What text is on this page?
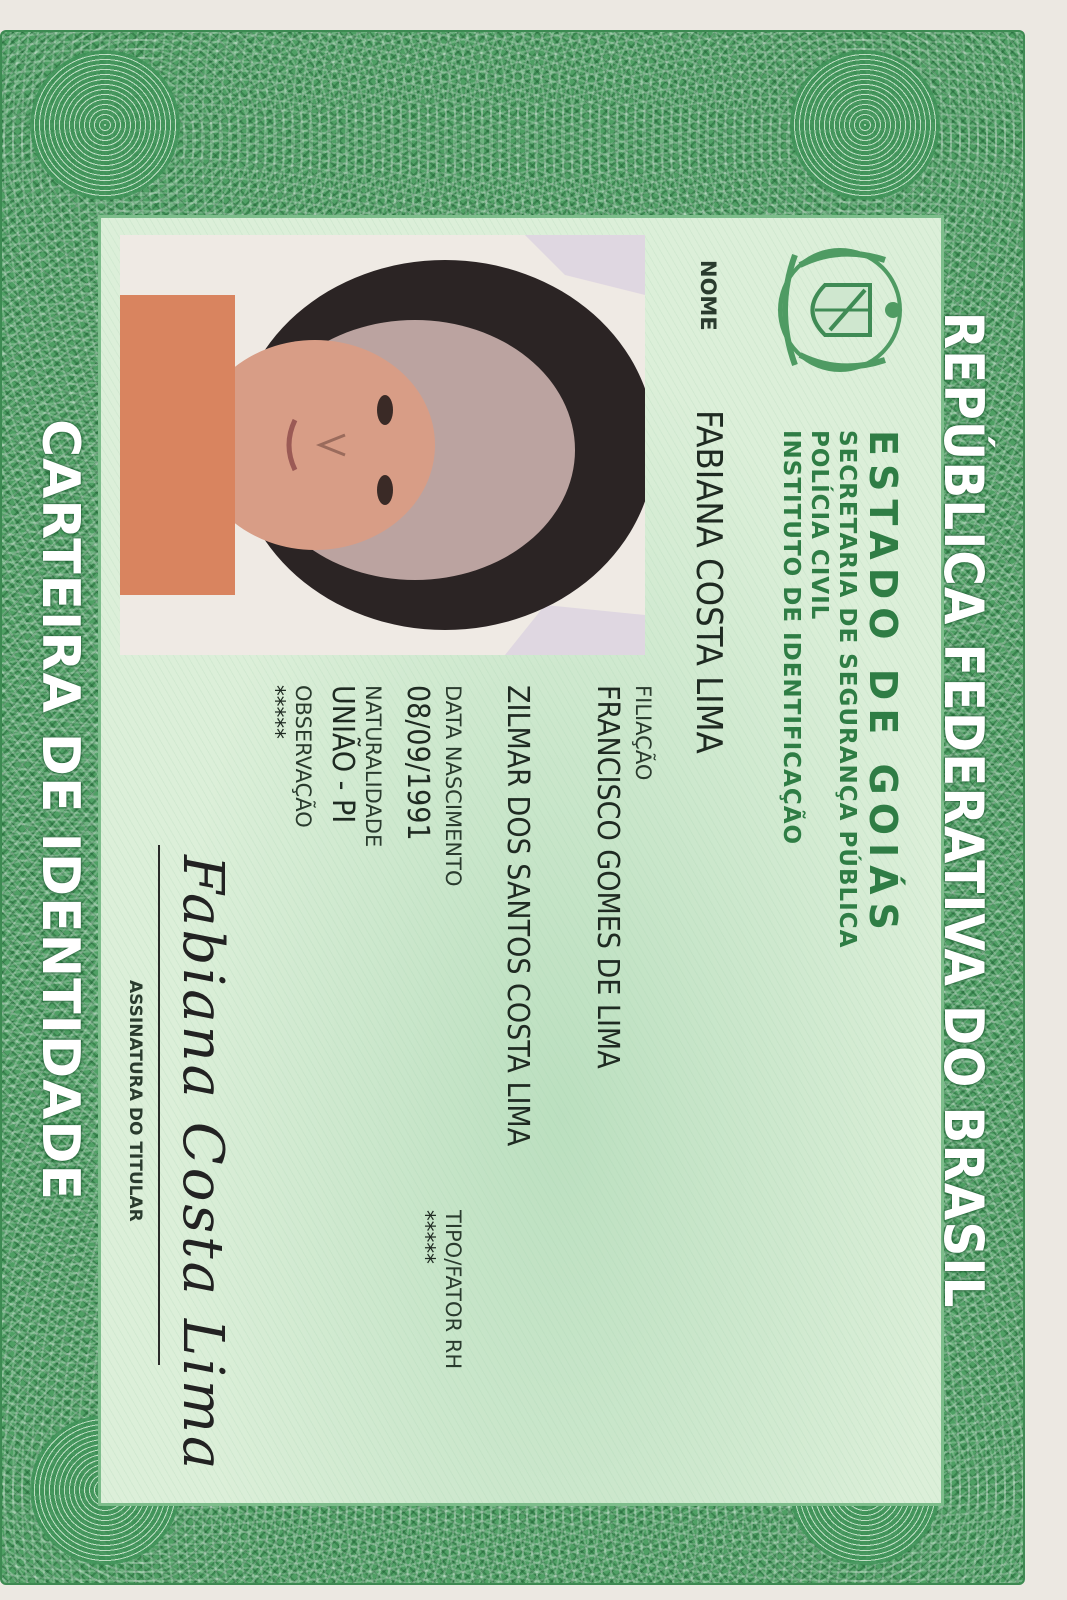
REPÚBLICA FEDERATIVA DO BRASIL
ESTADO DE GOIÁS
SECRETARIA DE SEGURANÇA PÚBLICA
POLÍCIA CIVIL
INSTITUTO DE IDENTIFICAÇÃO
NOME
FABIANA COSTA LIMA
FILIAÇÃO
FRANCISCO GOMES DE LIMA
ZILMAR DOS SANTOS COSTA LIMA
DATA NASCIMENTO
08/09/1991
TIPO/FATOR RH
*****
NATURALIDADE
UNIÃO - PI
OBSERVAÇÃO
*****
Fabiana Costa Lima
ASSINATURA DO TITULAR
CARTEIRA DE IDENTIDADE
